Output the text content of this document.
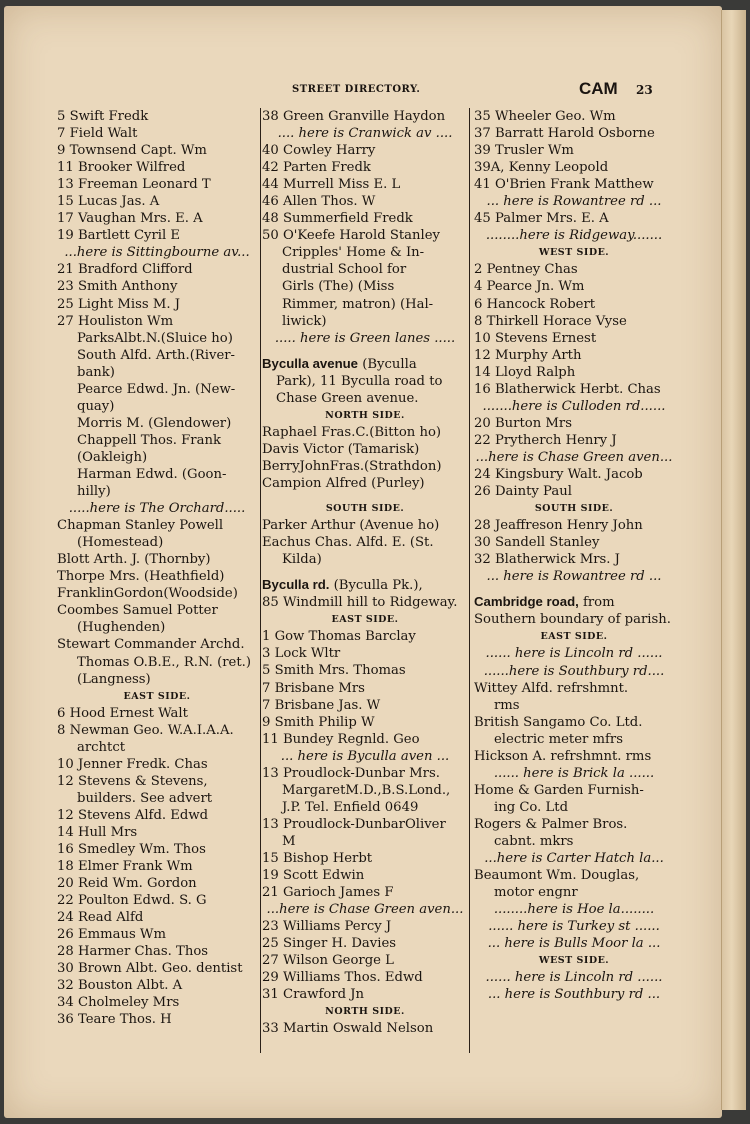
STREET DIRECTORY.	CAM 23
5 Swift Fredk
7 Field Walt
9 Townsend Capt. Wm
11 Brooker Wilfred
13 Freeman Leonard T
15 Lucas Jas. A
17 Vaughan Mrs. E. A
19 Bartlett Cyril E
...here is Sittingbourne av...
21 Bradford Clifford
23 Smith Anthony
25 Light Miss M. J
27 Houliston Wm
ParksAlbt.N.(Sluice ho)
South Alfd. Arth.(River-
bank)
Pearce Edwd. Jn. (New-
quay)
Morris M. (Glendower)
Chappell Thos. Frank
(Oakleigh)
Harman Edwd. (Goon-
hilly)
.....here is The Orchard.....
Chapman Stanley Powell
(Homestead)
Blott Arth. J. (Thornby)
Thorpe Mrs. (Heathfield)
FranklinGordon(Woodside)
Coombes Samuel Potter
(Hughenden)
Stewart Commander Archd.
Thomas O.B.E., R.N. (ret.)
(Langness)
EAST SIDE.
6 Hood Ernest Walt
8 Newman Geo. W.A.I.A.A.
archtct
10 Jenner Fredk. Chas
12 Stevens & Stevens,
builders. See advert
12 Stevens Alfd. Edwd
14 Hull Mrs
16 Smedley Wm. Thos
18 Elmer Frank Wm
20 Reid Wm. Gordon
22 Poulton Edwd. S. G
24 Read Alfd
26 Emmaus Wm
28 Harmer Chas. Thos
30 Brown Albt. Geo. dentist
32 Bouston Albt. A
34 Cholmeley Mrs
36 Teare Thos. H
38 Green Granville Haydon
.... here is Cranwick av ....
40 Cowley Harry
42 Parten Fredk
44 Murrell Miss E. L
46 Allen Thos. W
48 Summerfield Fredk
50 O'Keefe Harold Stanley
Cripples' Home & In-
dustrial School for
Girls (The) (Miss
Rimmer, matron) (Hal-
liwick)
..... here is Green lanes .....
Byculla avenue (Byculla
Park), 11 Byculla road to
Chase Green avenue.
NORTH SIDE.
Raphael Fras.C.(Bitton ho)
Davis Victor (Tamarisk)
BerryJohnFras.(Strathdon)
Campion Alfred (Purley)
SOUTH SIDE.
Parker Arthur (Avenue ho)
Eachus Chas. Alfd. E. (St.
Kilda)
Byculla rd. (Byculla Pk.),
85 Windmill hill to Ridgeway.
EAST SIDE.
1 Gow Thomas Barclay
3 Lock Wltr
5 Smith Mrs. Thomas
7 Brisbane Mrs
7 Brisbane Jas. W
9 Smith Philip W
11 Bundey Regnld. Geo
... here is Byculla aven ...
13 Proudlock-Dunbar Mrs.
MargaretM.D.,B.S.Lond.,
J.P. Tel. Enfield 0649
13 Proudlock-DunbarOliver
M
15 Bishop Herbt
19 Scott Edwin
21 Garioch James F
...here is Chase Green aven...
23 Williams Percy J
25 Singer H. Davies
27 Wilson George L
29 Williams Thos. Edwd
31 Crawford Jn
NORTH SIDE.
33 Martin Oswald Nelson
35 Wheeler Geo. Wm
37 Barratt Harold Osborne
39 Trusler Wm
39A, Kenny Leopold
41 O'Brien Frank Matthew
... here is Rowantree rd ...
45 Palmer Mrs. E. A
........here is Ridgeway.......
WEST SIDE.
2 Pentney Chas
4 Pearce Jn. Wm
6 Hancock Robert
8 Thirkell Horace Vyse
10 Stevens Ernest
12 Murphy Arth
14 Lloyd Ralph
16 Blatherwick Herbt. Chas
.......here is Culloden rd......
20 Burton Mrs
22 Prytherch Henry J
...here is Chase Green aven...
24 Kingsbury Walt. Jacob
26 Dainty Paul
SOUTH SIDE.
28 Jeaffreson Henry John
30 Sandell Stanley
32 Blatherwick Mrs. J
... here is Rowantree rd ...
Cambridge road, from
Southern boundary of parish.
EAST SIDE.
...... here is Lincoln rd ......
......here is Southbury rd....
Wittey Alfd. refrshmnt.
rms
British Sangamo Co. Ltd.
electric meter mfrs
Hickson A. refrshmnt. rms
...... here is Brick la ......
Home & Garden Furnish-
ing Co. Ltd
Rogers & Palmer Bros.
cabnt. mkrs
...here is Carter Hatch la...
Beaumont Wm. Douglas,
motor engnr
........here is Hoe la........
...... here is Turkey st ......
... here is Bulls Moor la ...
WEST SIDE.
...... here is Lincoln rd ......
... here is Southbury rd ...
